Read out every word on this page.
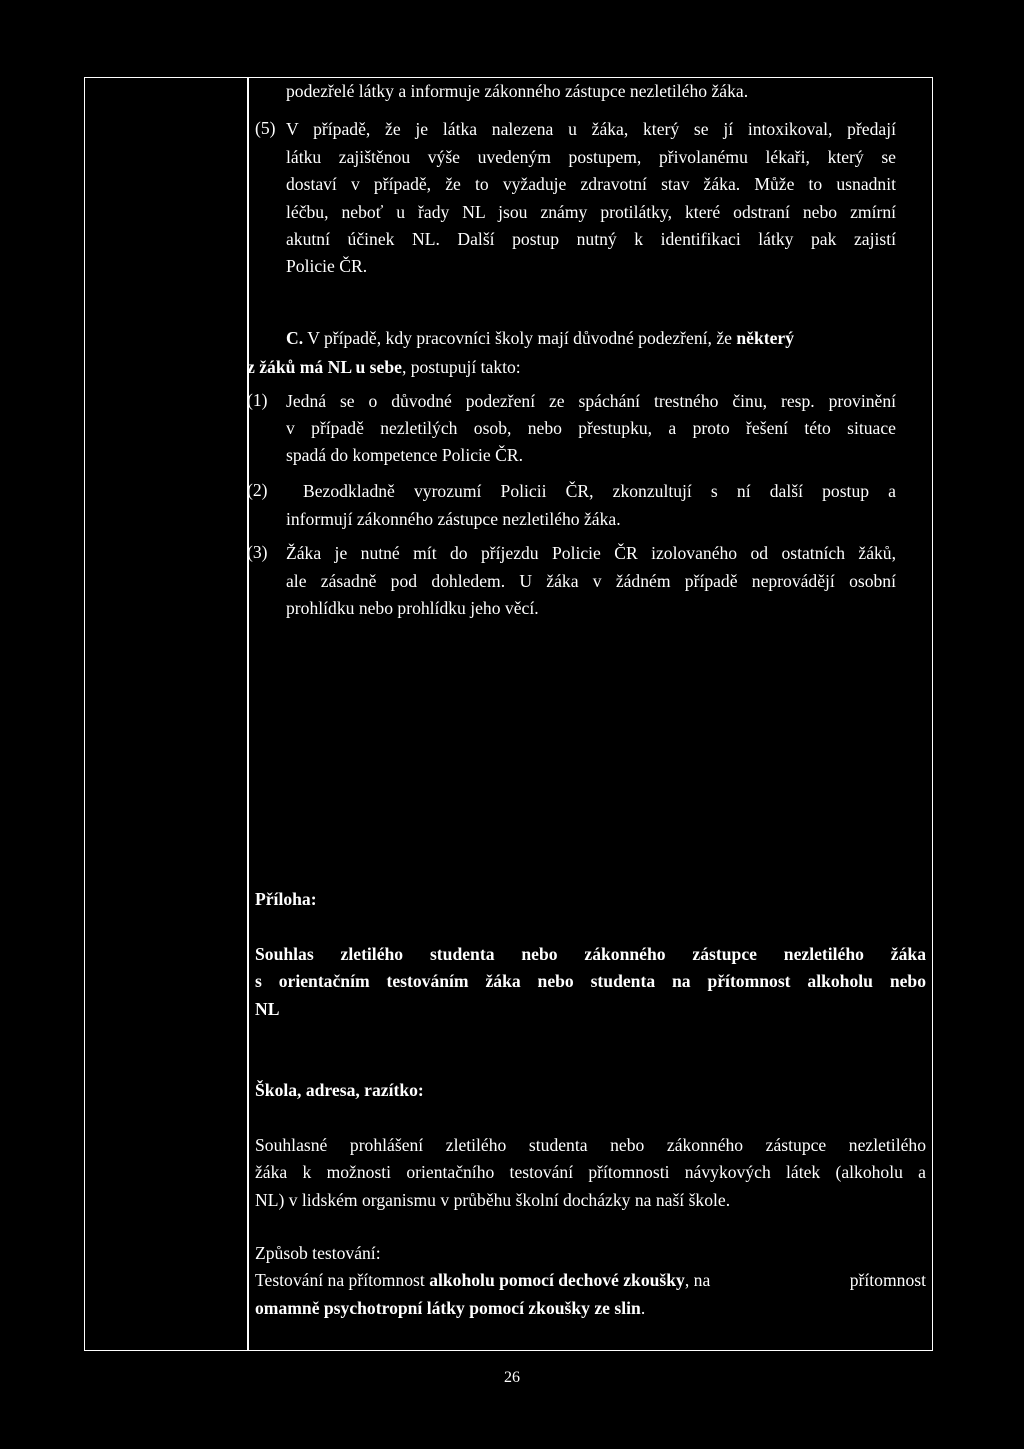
podezřelé látky a informuje zákonného zástupce nezletilého žáka.
(5) V případě, že je látka nalezena u žáka, který se jí intoxikoval, předají
látku zajištěnou výše uvedeným postupem, přivolanému lékaři, který se
dostaví v případě, že to vyžaduje zdravotní stav žáka. Může to usnadnit
léčbu, neboť u řady NL jsou známy protilátky, které odstraní nebo zmírní
akutní účinek NL. Další postup nutný k identifikaci látky pak zajistí
Policie ČR.
C. V případě, kdy pracovníci školy mají důvodné podezření, že některý
z žáků má NL u sebe, postupují takto:
(1) Jedná se o důvodné podezření ze spáchání trestného činu, resp. provinění
v případě nezletilých osob, nebo přestupku, a proto řešení této situace
spadá do kompetence Policie ČR.
(2) Bezodkladně vyrozumí Policii ČR, zkonzultují s ní další postup a
informují zákonného zástupce nezletilého žáka.
(3) Žáka je nutné mít do příjezdu Policie ČR izolovaného od ostatních žáků,
ale zásadně pod dohledem. U žáka v žádném případě neprovádějí osobní
prohlídku nebo prohlídku jeho věcí.
Příloha:
Souhlas zletilého studenta nebo zákonného zástupce nezletilého žáka
s orientačním testováním žáka nebo studenta na přítomnost alkoholu nebo
NL
Škola, adresa, razítko:
Souhlasné prohlášení zletilého studenta nebo zákonného zástupce nezletilého
žáka k možnosti orientačního testování přítomnosti návykových látek (alkoholu a
NL) v lidském organismu v průběhu školní docházky na naší škole.
Způsob testování:
Testování na přítomnost alkoholu pomocí dechové zkoušky, na	přítomnost
omamně psychotropní látky pomocí zkoušky ze slin.
26
